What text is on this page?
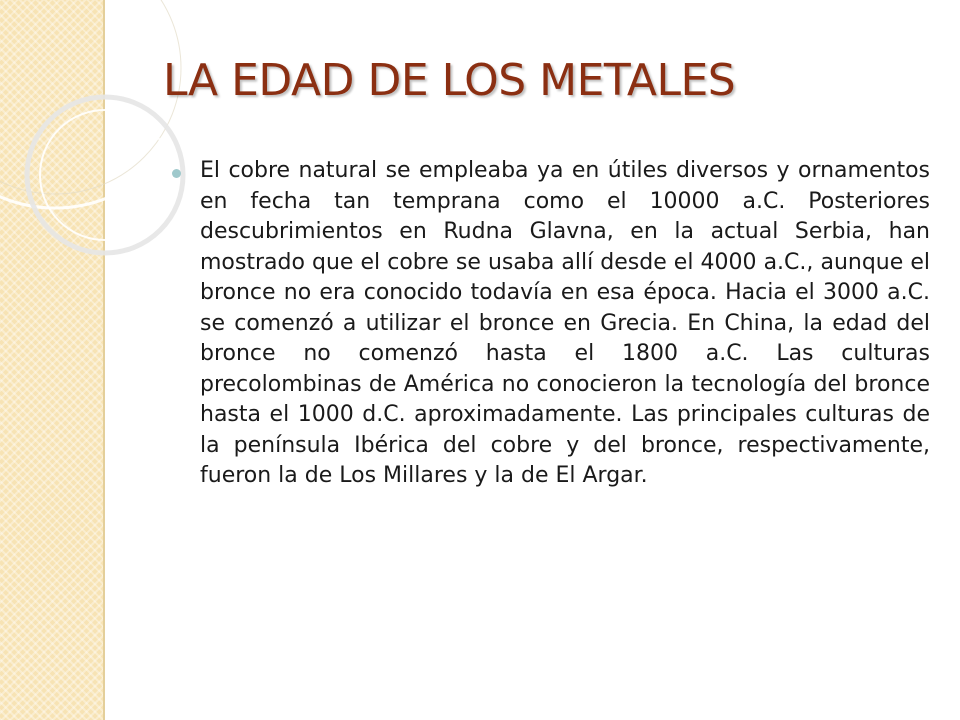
LA EDAD DE LOS METALES

El cobre natural se empleaba ya en útiles diversos y ornamentos en fecha tan temprana como el 10000 a.C. Posteriores descubrimientos en Rudna Glavna, en la actual Serbia, han mostrado que el cobre se usaba allí desde el 4000 a.C., aunque el bronce no era conocido todavía en esa época. Hacia el 3000 a.C. se comenzó a utilizar el bronce en Grecia. En China, la edad del bronce no comenzó hasta el 1800 a.C. Las culturas precolombinas de América no conocieron la tecnología del bronce hasta el 1000 d.C. aproximadamente. Las principales culturas de la península Ibérica del cobre y del bronce, respectivamente, fueron la de Los Millares y la de El Argar.
